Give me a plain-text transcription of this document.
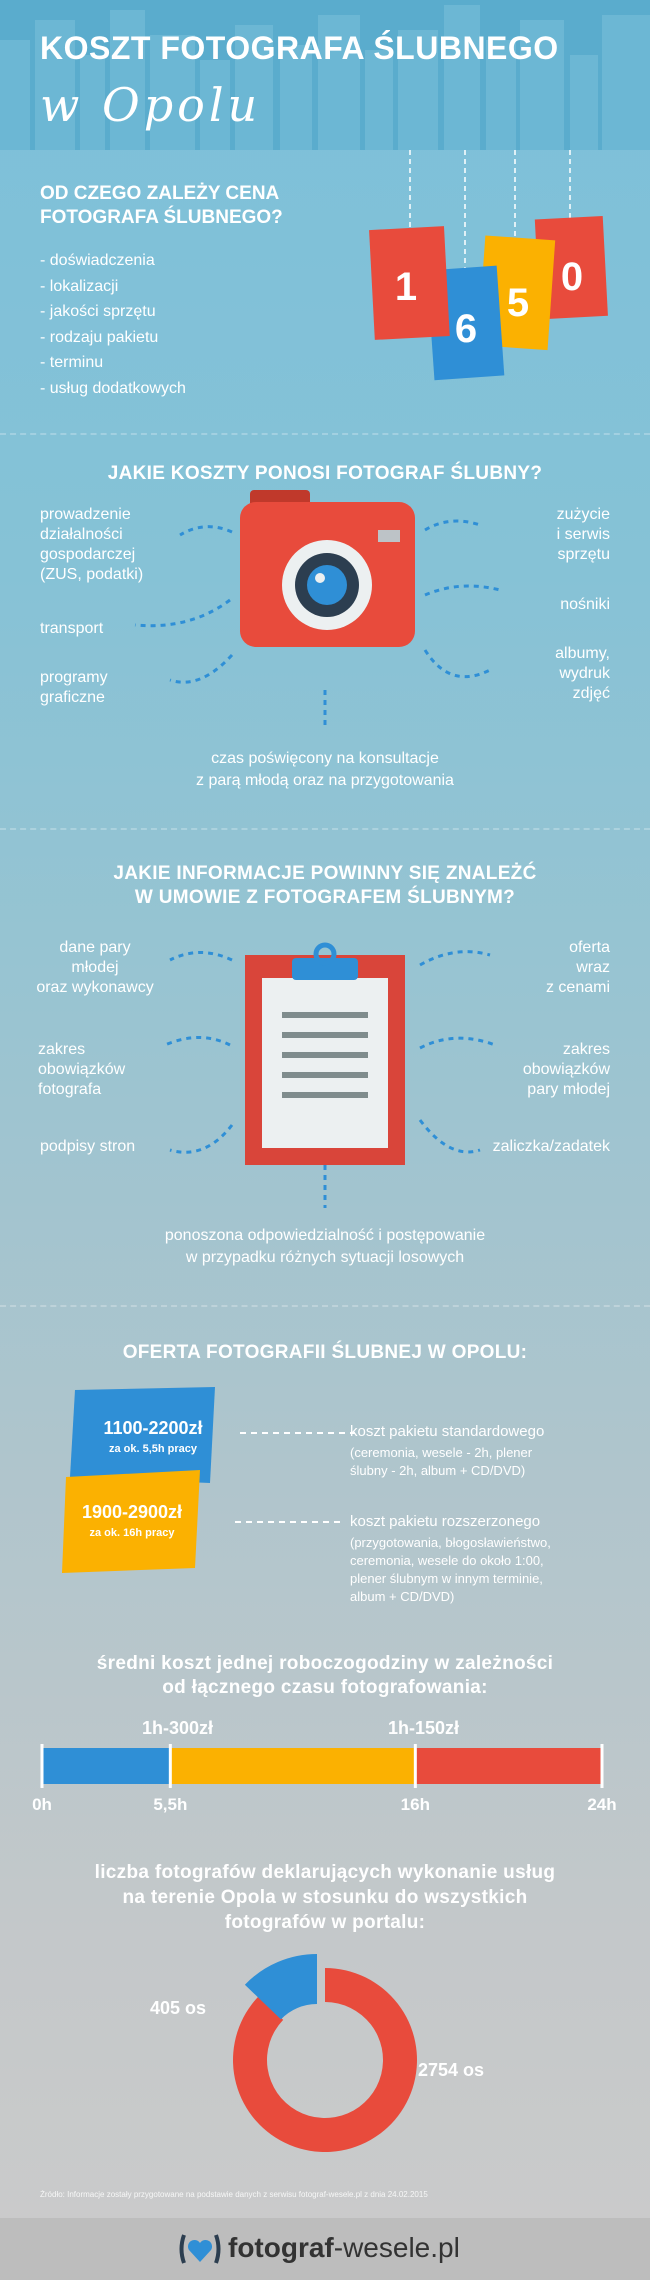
KOSZT FOTOGRAFA ŚLUBNEGO
w Opolu
OD CZEGO ZALEŻY CENA
FOTOGRAFA ŚLUBNEGO?
- doświadczenia
- lokalizacji
- jakości sprzętu
- rodzaju pakietu
- terminu
- usług dodatkowych
1
6
5
0
JAKIE KOSZTY PONOSI FOTOGRAF ŚLUBNY?
prowadzenie
działalności
gospodarczej
(ZUS, podatki)
transport
programy
graficzne
zużycie
i serwis
sprzętu
nośniki
albumy,
wydruk
zdjęć
czas poświęcony na konsultacje
z parą młodą oraz na przygotowania
JAKIE INFORMACJE POWINNY SIĘ ZNALEŻĆ
W UMOWIE Z FOTOGRAFEM ŚLUBNYM?
dane pary
młodej
oraz wykonawcy
zakres
obowiązków
fotografa
podpisy stron
oferta
wraz
z cenami
zakres
obowiązków
pary młodej
zaliczka/zadatek
ponoszona odpowiedzialność i postępowanie
w przypadku różnych sytuacji losowych
OFERTA FOTOGRAFII ŚLUBNEJ W OPOLU:
1100-2200zł
za ok. 5,5h pracy
1900-2900zł
za ok. 16h pracy
koszt pakietu standardowego
(ceremonia, wesele - 2h, plener
ślubny - 2h, album + CD/DVD)
koszt pakietu rozszerzonego
(przygotowania, błogosławieństwo,
ceremonia, wesele do około 1:00,
plener ślubnym w innym terminie,
album + CD/DVD)
średni koszt jednej roboczogodziny w zależności
od łącznego czasu fotografowania:
1h-300zł	1h-150zł
liczba fotografów deklarujących wykonanie usług
na terenie Opola w stosunku do wszystkich
fotografów w portalu:
405 os
2754 os
Źródło: Informacje zostały przygotowane na podstawie danych z serwisu fotograf-wesele.pl z dnia 24.02.2015
fotograf-wesele.pl
0h	5,5h	16h	24h
